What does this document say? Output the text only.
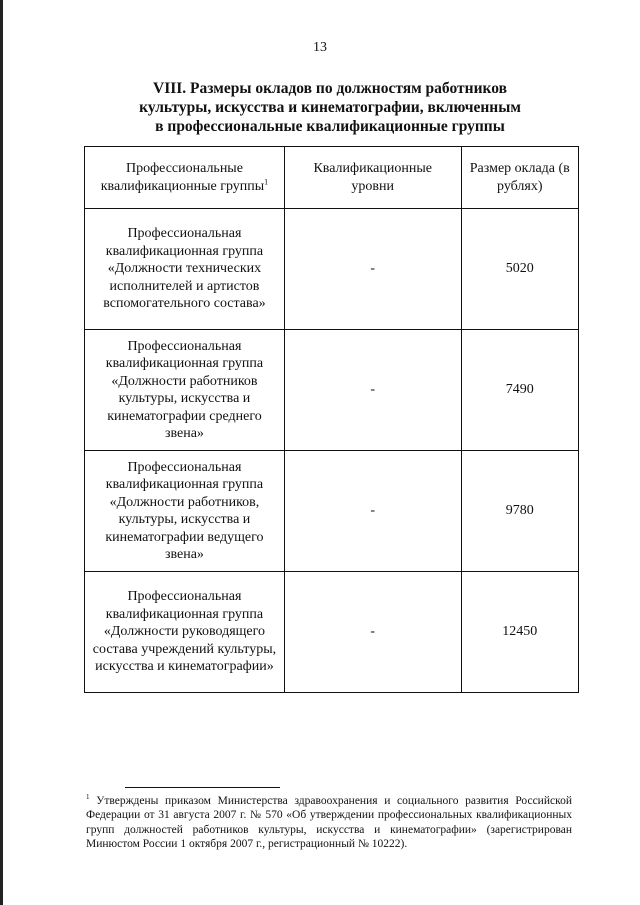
13
VIII. Размеры окладов по должностям работников
культуры, искусства и кинематографии, включенным
в профессиональные квалификационные группы
Профессиональные квалификационные группы$^1$	Квалификационные уровни	Размер оклада (в рублях)
Профессиональная квалификационная группа «Должности технических исполнителей и артистов вспомогательного состава»	-	5020
Профессиональная квалификационная группа «Должности работников культуры, искусства и кинематографии среднего звена»	-	7490
Профессиональная квалификационная группа «Должности работников, культуры, искусства и кинематографии ведущего звена»	-	9780
Профессиональная квалификационная группа «Должности руководящего состава учреждений культуры, искусства и кинематографии»	-	12450
$^1$ Утверждены приказом Министерства здравоохранения и социального развития Российской Федерации от 31 августа 2007 г. № 570 «Об утверждении профессиональных квалификационных групп должностей работников культуры, искусства и кинематографии» (зарегистрирован Минюстом России 1 октября 2007 г., регистрационный № 10222).
